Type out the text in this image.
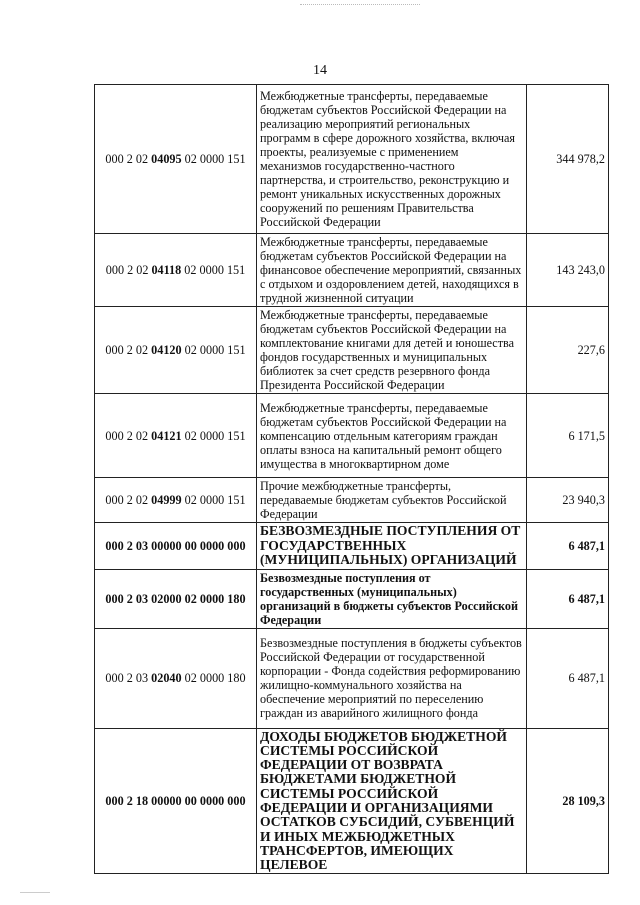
14
000 2 02 04095 02 0000 151	Межбюджетные трансферты, передаваемые бюджетам субъектов Российской Федерации на реализацию мероприятий региональных программ в сфере дорожного хозяйства, включая проекты, реализуемые с применением механизмов государственно-частного партнерства, и строительство, реконструкцию и ремонт уникальных искусственных дорожных сооружений по решениям Правительства Российской Федерации	344 978,2
000 2 02 04118 02 0000 151	Межбюджетные трансферты, передаваемые бюджетам субъектов Российской Федерации на финансовое обеспечение мероприятий, связанных с отдыхом и оздоровлением детей, находящихся в трудной жизненной ситуации	143 243,0
000 2 02 04120 02 0000 151	Межбюджетные трансферты, передаваемые бюджетам субъектов Российской Федерации на комплектование книгами для детей и юношества фондов государственных и муниципальных библиотек за счет средств резервного фонда Президента Российской Федерации	227,6
000 2 02 04121 02 0000 151	Межбюджетные трансферты, передаваемые бюджетам субъектов Российской Федерации на компенсацию отдельным категориям граждан оплаты взноса на капитальный ремонт общего имущества в многоквартирном доме	6 171,5
000 2 02 04999 02 0000 151	Прочие межбюджетные трансферты, передаваемые бюджетам субъектов Российской Федерации	23 940,3
000 2 03 00000 00 0000 000	БЕЗВОЗМЕЗДНЫЕ ПОСТУПЛЕНИЯ ОТ ГОСУДАРСТВЕННЫХ (МУНИЦИПАЛЬНЫХ) ОРГАНИЗАЦИЙ	6 487,1
000 2 03 02000 02 0000 180	Безвозмездные поступления от государственных (муниципальных) организаций в бюджеты субъектов Российской Федерации	6 487,1
000 2 03 02040 02 0000 180	Безвозмездные поступления в бюджеты субъектов Российской Федерации от государственной корпорации - Фонда содействия реформированию жилищно-коммунального хозяйства на обеспечение мероприятий по переселению граждан из аварийного жилищного фонда	6 487,1
000 2 18 00000 00 0000 000	ДОХОДЫ БЮДЖЕТОВ БЮДЖЕТНОЙ СИСТЕМЫ РОССИЙСКОЙ ФЕДЕРАЦИИ ОТ ВОЗВРАТА БЮДЖЕТАМИ БЮДЖЕТНОЙ СИСТЕМЫ РОССИЙСКОЙ ФЕДЕРАЦИИ И ОРГАНИЗАЦИЯМИ ОСТАТКОВ СУБСИДИЙ, СУБВЕНЦИЙ И ИНЫХ МЕЖБЮДЖЕТНЫХ ТРАНСФЕРТОВ, ИМЕЮЩИХ ЦЕЛЕВОЕ	28 109,3
